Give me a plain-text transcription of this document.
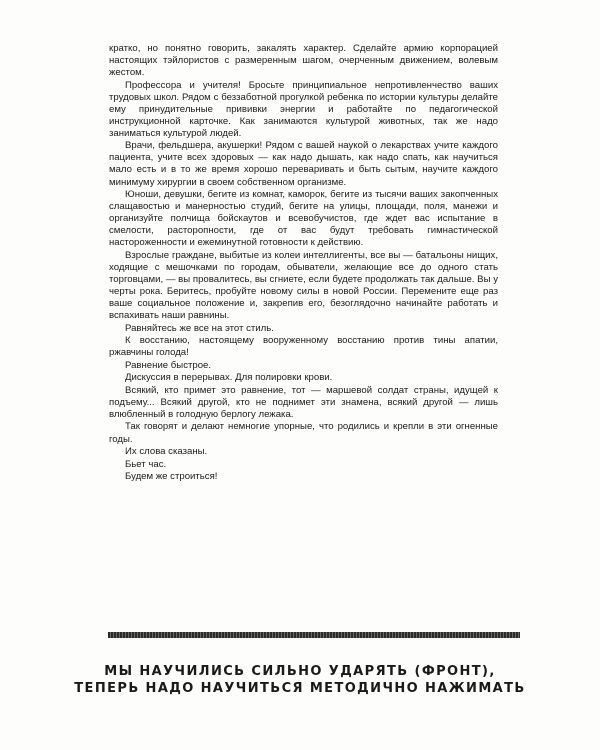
кратко, но понятно говорить, закалять характер. Сделайте армию корпорацией настоящих тэйлористов с размеренным шагом, очерченным движением, волевым жестом.

Профессора и учителя! Бросьте принципиальное непротивленчество ваших трудовых школ. Рядом с беззаботной прогулкой ребенка по истории культуры делайте ему принудительные прививки энергии и работайте по педагогической инструкционной карточке. Как занимаются культурой животных, так же надо заниматься культурой людей.

Врачи, фельдшера, акушерки! Рядом с вашей наукой о лекарствах учите каждого пациента, учите всех здоровых — как надо дышать, как надо спать, как научиться мало есть и в то же время хорошо переваривать и быть сытым, научите каждого минимуму хирургии в своем собственном организме.

Юноши, девушки, бегите из комнат, каморок, бегите из тысячи ваших закопченных слащавостью и манерностью студий, бегите на улицы, площади, поля, манежи и организуйте полчища бойскаутов и всевобучистов, где ждет вас испытание в смелости, расторопности, где от вас будут требовать гимнастической настороженности и ежеминутной готовности к действию.

Взрослые граждане, выбитые из колеи интеллигенты, все вы — батальоны нищих, ходящие с мешочками по городам, обыватели, желающие все до одного стать торговцами, — вы провалитесь, вы сгниете, если будете продолжать так дальше. Вы у черты рока. Беритесь, пробуйте новому силы в новой России. Перемените еще раз ваше социальное положение и, закрепив его, безоглядочно начинайте работать и вспахивать наши равнины.

Равняйтесь же все на этот стиль.

К восстанию, настоящему вооруженному восстанию против тины апатии, ржавчины голода!

Равнение быстрое.

Дискуссия в перерывах. Для полировки крови.

Всякий, кто примет это равнение, тот — маршевой солдат страны, идущей к подъему... Всякий другой, кто не поднимет эти знамена, всякий другой — лишь влюбленный в голодную берлогу лежака.

Так говорят и делают немногие упорные, что родились и крепли в эти огненные годы.

Их слова сказаны.

Бьет час.

Будем же строиться!

МЫ НАУЧИЛИСЬ СИЛЬНО УДАРЯТЬ (ФРОНТ),
ТЕПЕРЬ НАДО НАУЧИТЬСЯ МЕТОДИЧНО НАЖИМАТЬ
